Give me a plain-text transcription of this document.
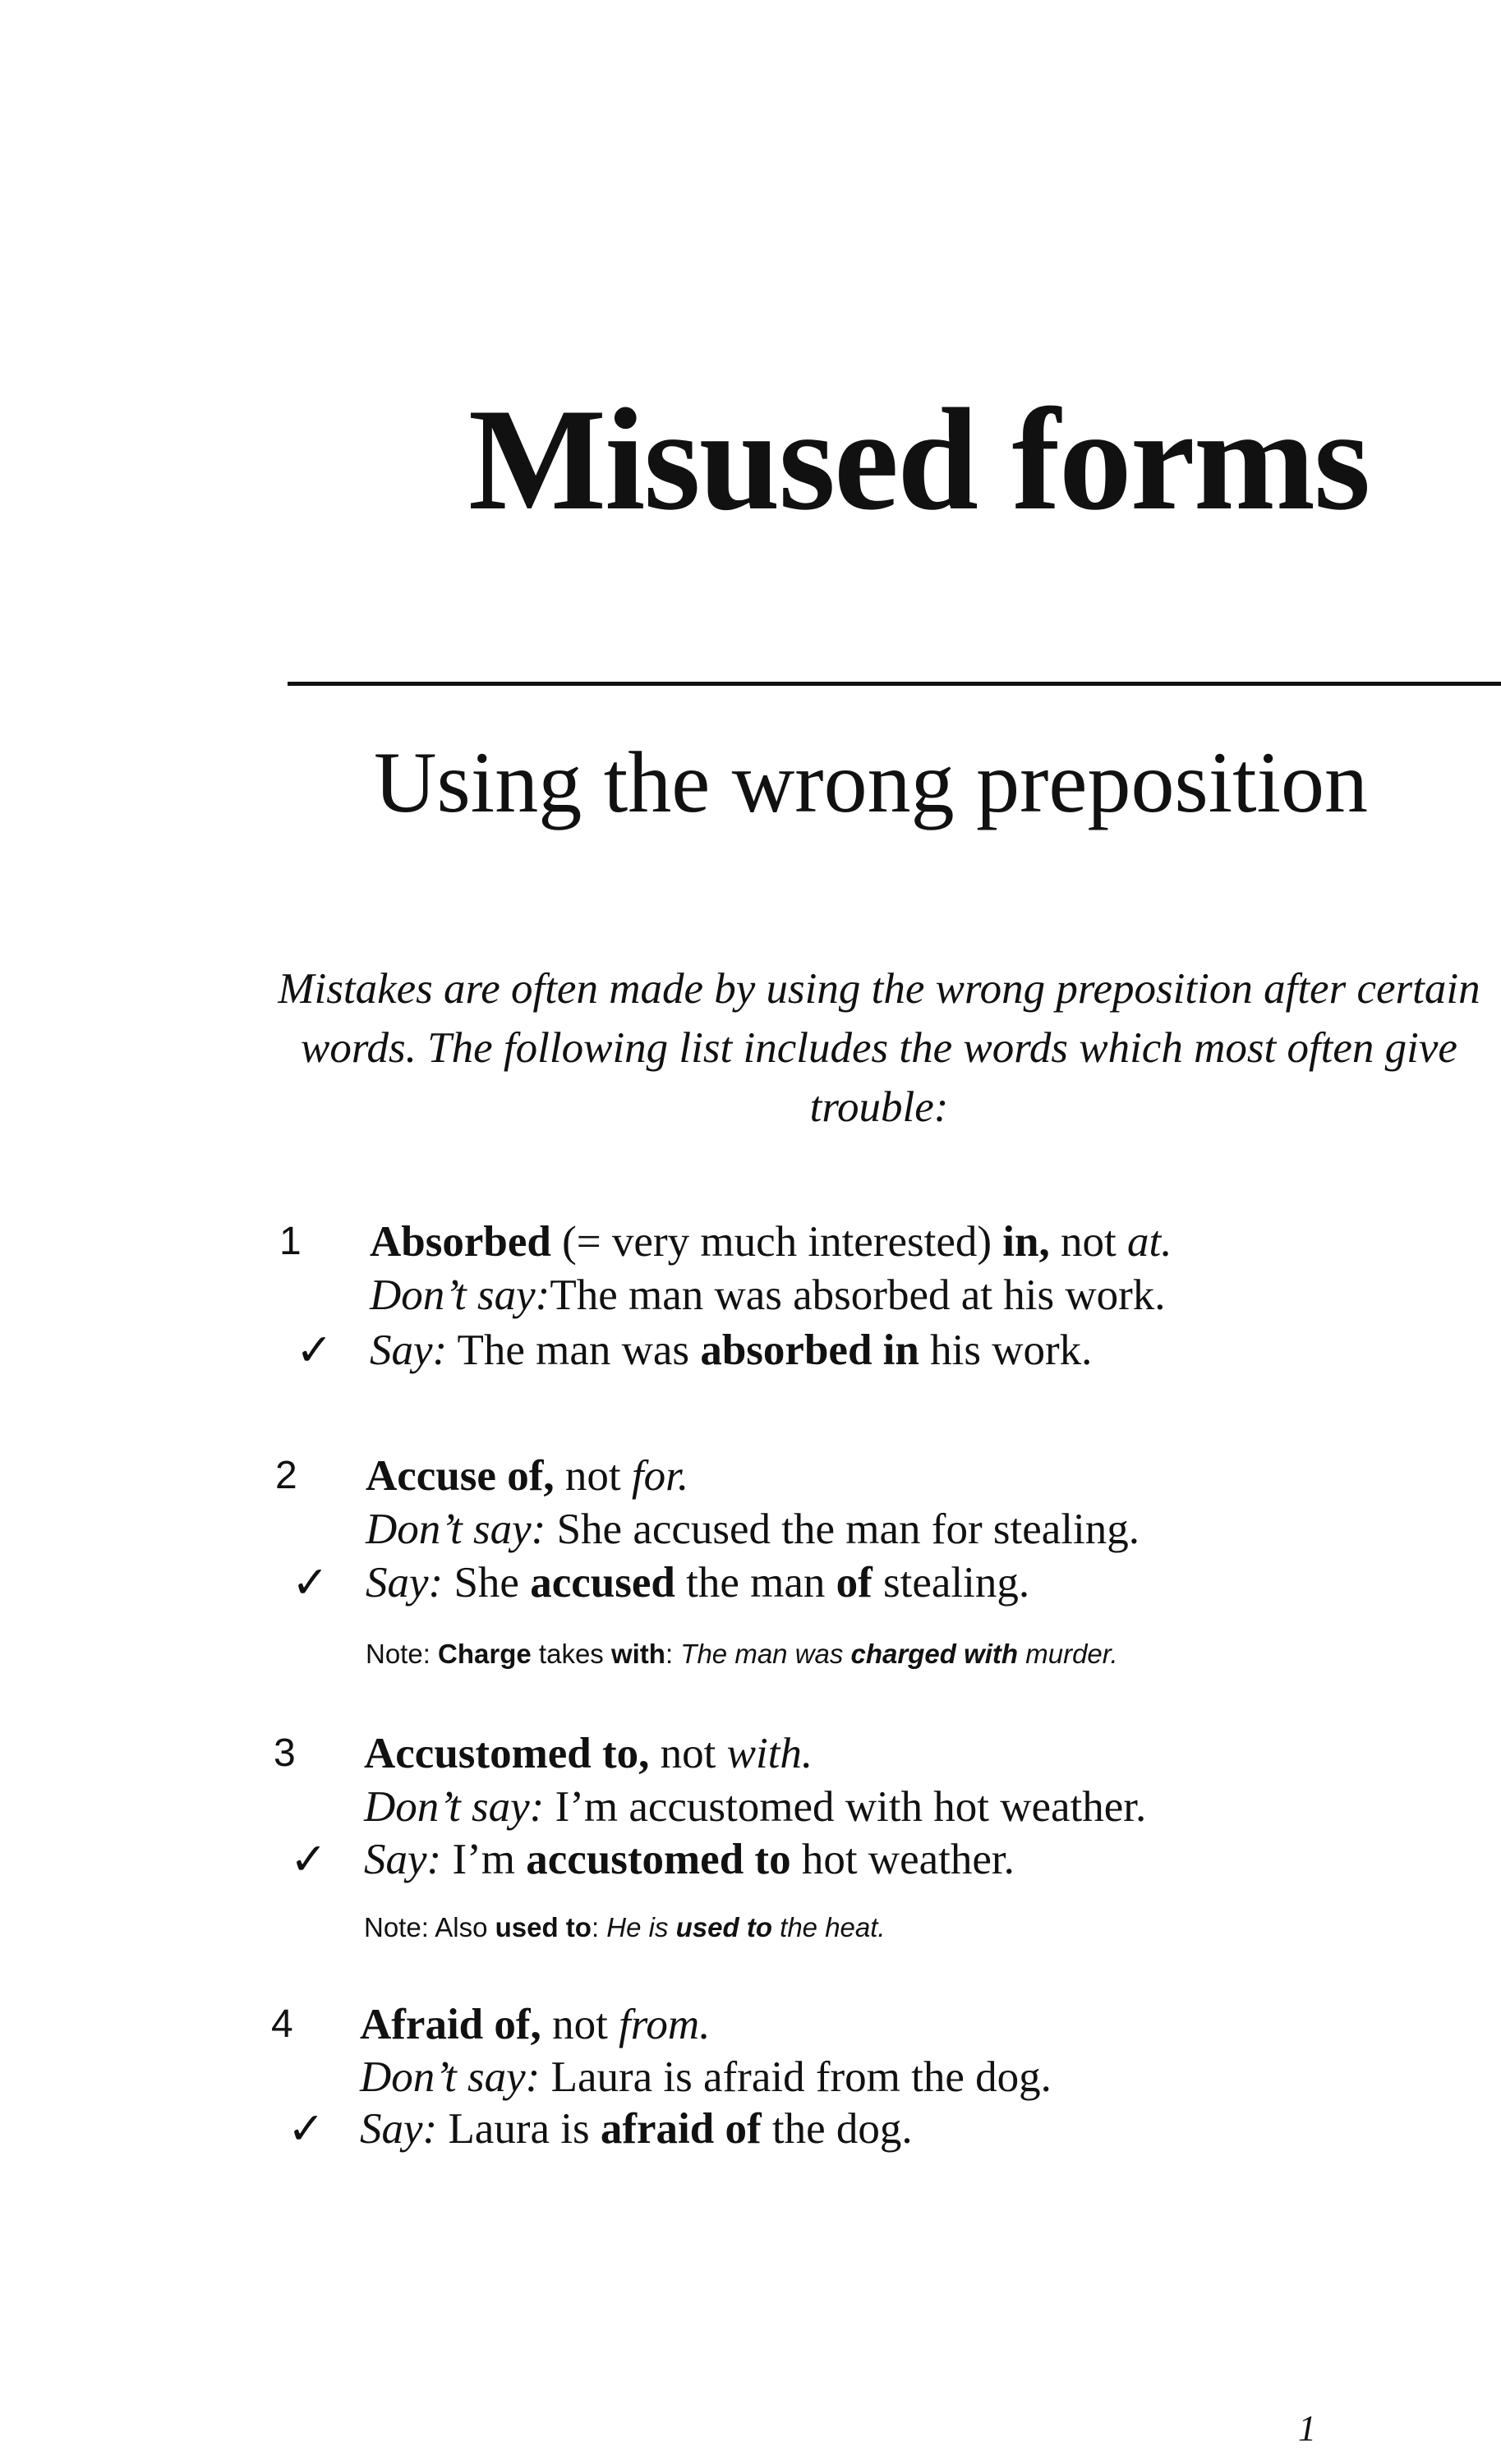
Misused forms
Using the wrong preposition

Mistakes are often made by using the wrong preposition after certain words. The following list includes the words which most often give trouble:

1 Absorbed (= very much interested) in, not at.
Don’t say:The man was absorbed at his work.
✓ Say: The man was absorbed in his work.
2 Accuse of, not for.
Don’t say: She accused the man for stealing.
✓ Say: She accused the man of stealing.
Note: Charge takes with: The man was charged with murder.
3 Accustomed to, not with.
Don’t say: I’m accustomed with hot weather.
✓ Say: I’m accustomed to hot weather.
Note: Also used to: He is used to the heat.
4 Afraid of, not from.
Don’t say: Laura is afraid from the dog.
✓ Say: Laura is afraid of the dog.
1
